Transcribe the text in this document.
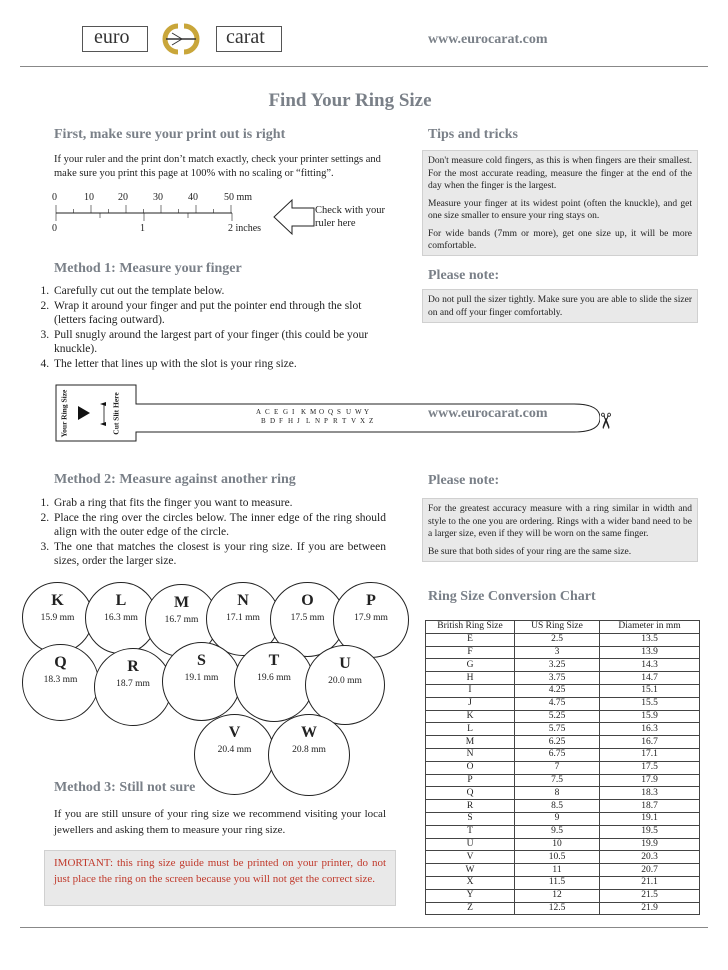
euro	carat	www.eurocarat.com
Find Your Ring Size
First, make sure your print out is right
If your ruler and the print don’t match exactly, check your printer settings and make sure you print this page at 100% with no scaling or “fitting”.
0	10 20	30	40	50 mm
0	1	2 inches
Check with your ruler here
Tips and tricks

Don't measure cold fingers, as this is when fingers are their smallest. For the most accurate reading, measure the finger at the end of the day when the finger is the largest.

Measure your finger at its widest point (often the knuckle), and get one size smaller to ensure your ring stays on.

For wide bands (7mm or more), get one size up, it will be more comfortable.

Method 1: Measure your finger
1. Carefully cut out the template below.
2. Wrap it around your finger and put the pointer end through the slot (letters facing outward).
3. Pull snugly around the largest part of your finger (this could be your knuckle).
4. The letter that lines up with the slot is your ring size.
Please note:

Do not pull the sizer tightly. Make sure you are able to slide the sizer on and off your finger comfortably.

Your Ring Size	Cut Slit Here	A C E G I K M O Q S U W Y
B D F H J L N P R T V X Z	www.eurocarat.com ✂
Method 2: Measure against another ring
1. Grab a ring that fits the finger you want to measure.
2. Place the ring over the circles below. The inner edge of the ring should align with the outer edge of the circle.
3. The one that matches the closest is your ring size. If you are between sizes, order the larger size.
Please note:

For the greatest accuracy measure with a ring similar in width and style to the one you are ordering. Rings with a wider band need to be a larger size, even if they will be worn on the same finger.

Be sure that both sides of your ring are the same size.

K
15.9 mm
L
16.3 mm
M
16.7 mm
N
17.1 mm
O
17.5 mm
P
17.9 mm
Q
18.3 mm
R
18.7 mm
S
19.1 mm
T
19.6 mm
U
20.0 mm
V
20.4 mm
W
20.8 mm
Method 3: Still not sure
If you are still unsure of your ring size we recommend visiting your local jewellers and asking them to measure your ring size.
IMORTANT: this ring size guide must be printed on your printer, do not just place the ring on the screen because you will not get the correct size.
Ring Size Conversion Chart
British Ring Size	US Ring Size	Diameter in mm
E	2.5	13.5
F	3	13.9
G	3.25	14.3
H	3.75	14.7
I	4.25	15.1
J	4.75	15.5
K	5.25	15.9
L	5.75	16.3
M	6.25	16.7
N	6.75	17.1
O	7	17.5
P	7.5	17.9
Q	8	18.3
R	8.5	18.7
S	9	19.1
T	9.5	19.5
U	10	19.9
V	10.5	20.3
W	11	20.7
X	11.5	21.1
Y	12	21.5
Z	12.5	21.9
